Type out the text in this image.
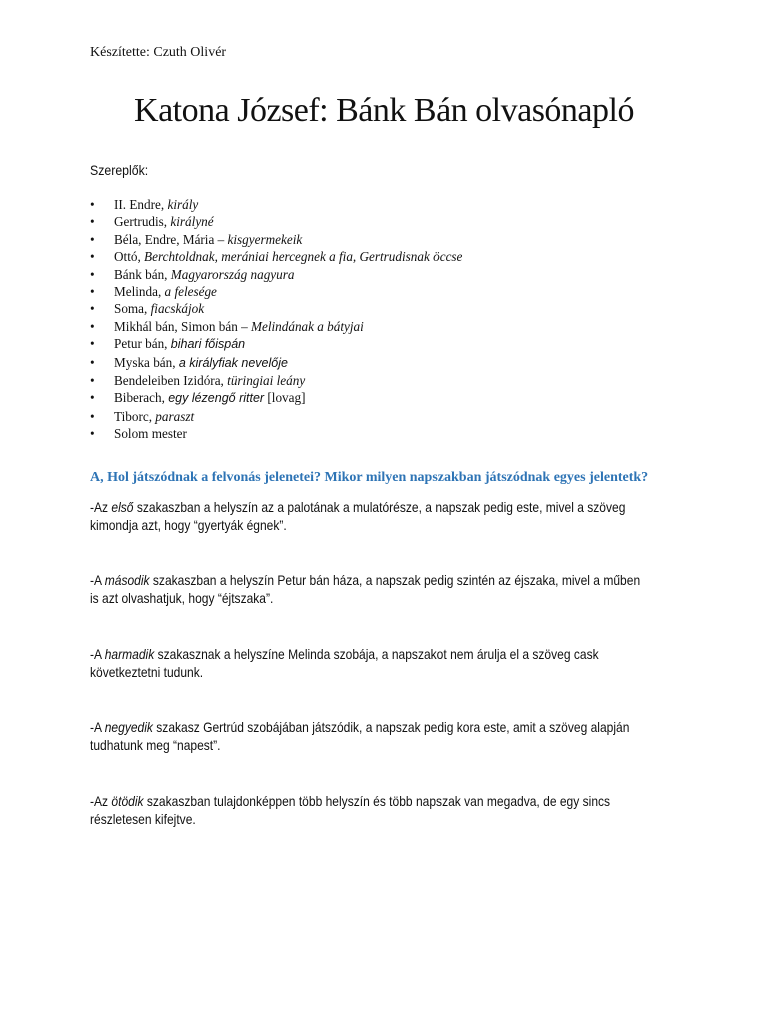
Készítette: Czuth Olivér
Katona József: Bánk Bán olvasónapló
Szereplők:
• II. Endre, király
• Gertrudis, királyné
• Béla, Endre, Mária – kisgyermekeik
• Ottó, Berchtoldnak, merániai hercegnek a fia, Gertrudisnak öccse
• Bánk bán, Magyarország nagyura
• Melinda, a felesége
• Soma, fiacskájok
• Mikhál bán, Simon bán – Melindának a bátyjai
• Petur bán, bihari főispán
• Myska bán, a királyfiak nevelője
• Bendeleiben Izidóra, türingiai leány
• Biberach, egy lézengő ritter [lovag]
• Tiborc, paraszt
• Solom mester
A, Hol játszódnak a felvonás jelenetei? Mikor milyen napszakban játszódnak egyes jelentetk?
-Az első szakaszban a helyszín az a palotának a mulatórésze, a napszak pedig este, mivel a szöveg kimondja azt, hogy “gyertyák égnek”.
-A második szakaszban a helyszín Petur bán háza, a napszak pedig szintén az éjszaka, mivel a műben is azt olvashatjuk, hogy “éjtszaka”.
-A harmadik szakasznak a helyszíne Melinda szobája, a napszakot nem árulja el a szöveg cask következtetni tudunk.
-A negyedik szakasz Gertrúd szobájában játszódik, a napszak pedig kora este, amit a szöveg alapján tudhatunk meg “napest”.
-Az ötödik szakaszban tulajdonképpen több helyszín és több napszak van megadva, de egy sincs részletesen kifejtve.
